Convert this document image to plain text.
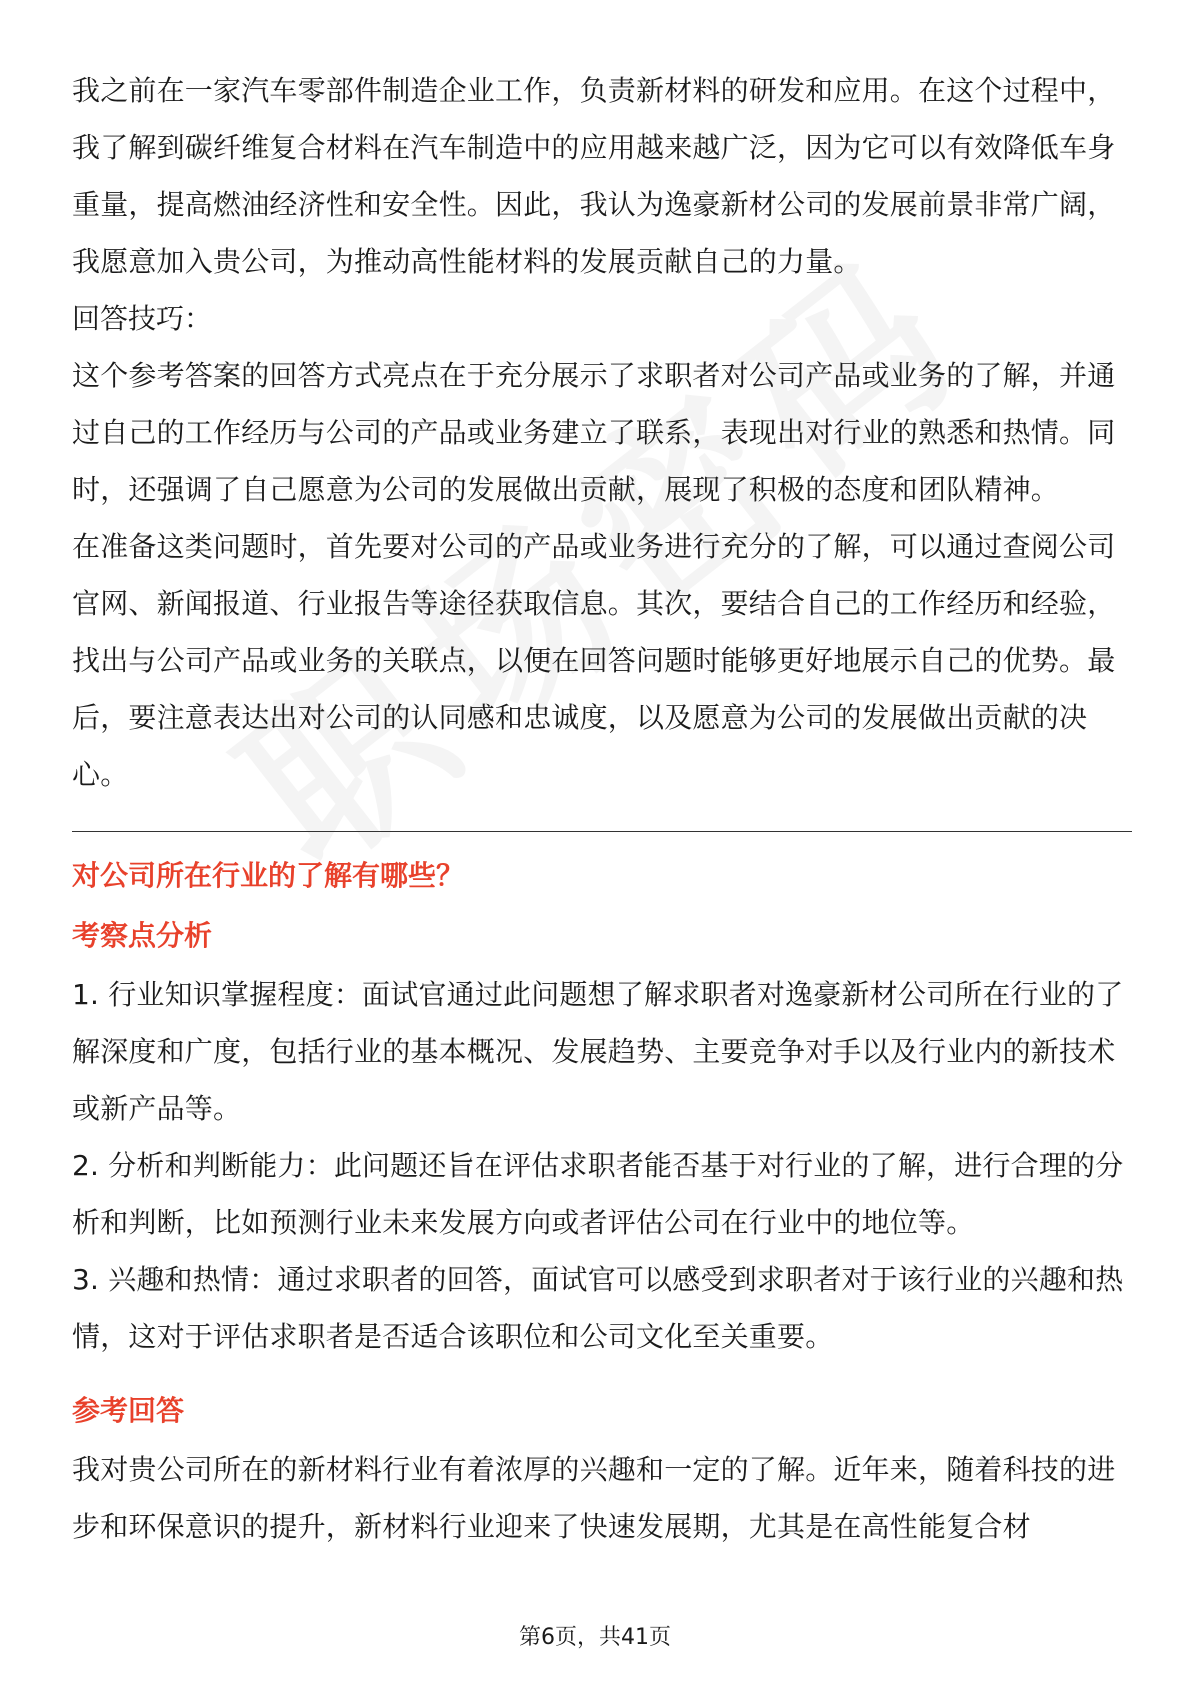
我之前在一家汽车零部件制造企业工作，负责新材料的研发和应用。在这个过程中，我了解到碳纤维复合材料在汽车制造中的应用越来越广泛，因为它可以有效降低车身重量，提高燃油经济性和安全性。因此，我认为逸豪新材公司的发展前景非常广阔，我愿意加入贵公司，为推动高性能材料的发展贡献自己的力量。

回答技巧：

这个参考答案的回答方式亮点在于充分展示了求职者对公司产品或业务的了解，并通过自己的工作经历与公司的产品或业务建立了联系，表现出对行业的熟悉和热情。同时，还强调了自己愿意为公司的发展做出贡献，展现了积极的态度和团队精神。

在准备这类问题时，首先要对公司的产品或业务进行充分的了解，可以通过查阅公司官网、新闻报道、行业报告等途径获取信息。其次，要结合自己的工作经历和经验，找出与公司产品或业务的关联点，以便在回答问题时能够更好地展示自己的优势。最后，要注意表达出对公司的认同感和忠诚度，以及愿意为公司的发展做出贡献的决心。

对公司所在行业的了解有哪些？

考察点分析

1. 行业知识掌握程度：面试官通过此问题想了解求职者对逸豪新材公司所在行业的了解深度和广度，包括行业的基本概况、发展趋势、主要竞争对手以及行业内的新技术或新产品等。

2. 分析和判断能力：此问题还旨在评估求职者能否基于对行业的了解，进行合理的分析和判断，比如预测行业未来发展方向或者评估公司在行业中的地位等。

3. 兴趣和热情：通过求职者的回答，面试官可以感受到求职者对于该行业的兴趣和热情，这对于评估求职者是否适合该职位和公司文化至关重要。

参考回答

我对贵公司所在的新材料行业有着浓厚的兴趣和一定的了解。近年来，随着科技的进步和环保意识的提升，新材料行业迎来了快速发展期，尤其是在高性能复合材

第6页，共41页
